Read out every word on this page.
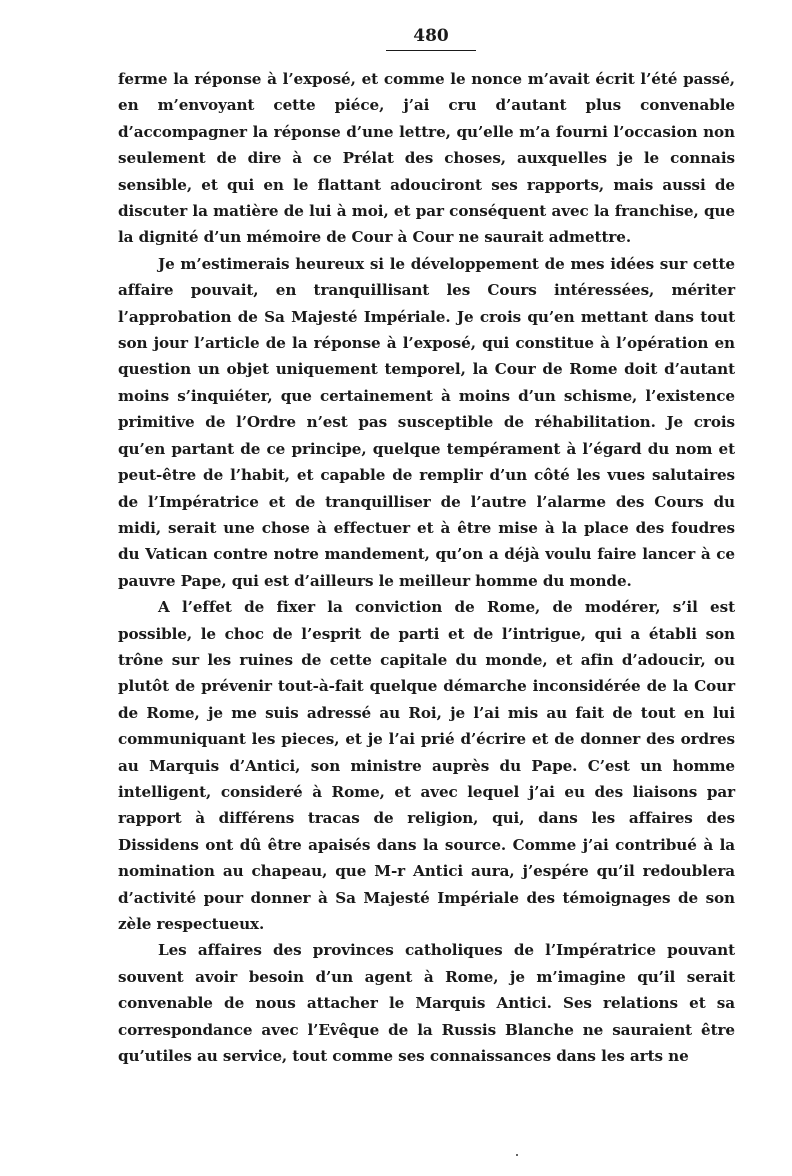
480

ferme la réponse à l’exposé, et comme le nonce m’avait écrit l’été passé, en m’envoyant cette piéce, j’ai cru d’autant plus convenable d’accompagner la réponse d’une lettre, qu’elle m’a fourni l’occasion non seulement de dire à ce Prélat des choses, auxquelles je le connais sensible, et qui en le flattant adouciront ses rapports, mais aussi de discuter la matière de lui à moi, et par conséquent avec la franchise, que la dignité d’un mémoire de Cour à Cour ne saurait admettre.

Je m’estimerais heureux si le développement de mes idées sur cette affaire pouvait, en tranquillisant les Cours intéressées, mériter l’approbation de Sa Majesté Impériale. Je crois qu’en mettant dans tout son jour l’article de la réponse à l’exposé, qui constitue à l’opération en question un objet uniquement temporel, la Cour de Rome doit d’autant moins s’inquiéter, que certainement à moins d’un schisme, l’existence primitive de l’Ordre n’est pas susceptible de réhabilitation. Je crois qu’en partant de ce principe, quelque tempérament à l’égard du nom et peut-être de l’habit, et capable de remplir d’un côté les vues salutaires de l’Impératrice et de tranquilliser de l’autre l’alarme des Cours du midi, serait une chose à effectuer et à être mise à la place des foudres du Vatican contre notre mandement, qu’on a déjà voulu faire lancer à ce pauvre Pape, qui est d’ailleurs le meilleur homme du monde.

A l’effet de fixer la conviction de Rome, de modérer, s’il est possible, le choc de l’esprit de parti et de l’intrigue, qui a établi son trône sur les ruines de cette capitale du monde, et afin d’adoucir, ou plutôt de prévenir tout-à-fait quelque démarche inconsidérée de la Cour de Rome, je me suis adressé au Roi, je l’ai mis au fait de tout en lui communiquant les pieces, et je l’ai prié d’écrire et de donner des ordres au Marquis d’Antici, son ministre auprès du Pape. C’est un homme intelligent, consideré à Rome, et avec lequel j’ai eu des liaisons par rapport à différens tracas de religion, qui, dans les affaires des Dissidens ont dû être apaisés dans la source. Comme j’ai contribué à la nomination au chapeau, que M-r Antici aura, j’espére qu’il redoublera d’activité pour donner à Sa Majesté Impériale des témoignages de son zèle respectueux.

Les affaires des provinces catholiques de l’Impératrice pouvant souvent avoir besoin d’un agent à Rome, je m’imagine qu’il serait convenable de nous attacher le Marquis Antici. Ses relations et sa correspondance avec l’Evêque de la Russis Blanche ne sauraient être qu’utiles au service, tout comme ses connaissances dans les arts ne
